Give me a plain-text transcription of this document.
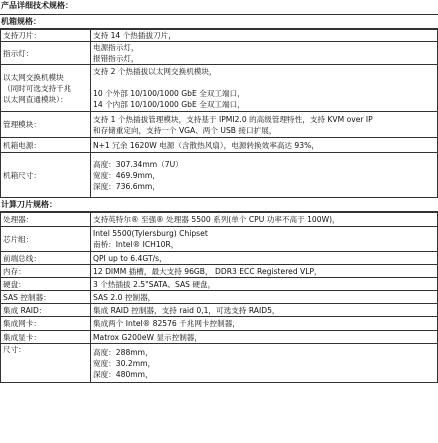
产品详细技术规格：
机箱规格：
支持刀片：	支持 14 个热插拔刀片，
指示灯：	电源指示灯，
报错指示灯，

以太网交换机模块
（同时可选支持千兆
以太网直通模块）：	支持 2 个热插拔以太网交换机模块，
10 个外部 10/100/1000 GbE 全双工端口，
14 个内部 10/100/1000 GbE 全双工端口，

管理模块：	支持 1 个热插拔管理模块，支持基于 IPMI2.0 的高级管理特性，支持 KVM over IP
和存储重定向，支持一个 VGA、两个 USB 接口扩展，

机箱电源：	N+1 冗余 1620W 电源（含散热风扇），电源转换效率高达 93%，
机箱尺寸：	高度：307.34mm（7U）
宽度：469.9mm，
深度：736.6mm，
计算刀片规格：
处理器：	支持英特尔® 至强® 处理器 5500 系列(单个 CPU 功率不高于 100W)，
芯片组：	Intel 5500(Tylersburg) Chipset
南桥：Intel® ICH10R，

前端总线：	QPI up to 6.4GT/s，
内存：	12 DIMM 插槽，最大支持 96GB， DDR3 ECC Registered VLP，
硬盘：	3 个热插拔 2.5"SATA、SAS 硬盘，
SAS 控制器：	SAS 2.0 控制器，
集成 RAID：	集成 RAID 控制器，支持 raid 0,1，可选支持 RAID5，
集成网卡：	集成两个 Intel® 82576 千兆网卡控制器，
集成显卡：	Matrox G200eW 显示控制器，
尺寸：	高度：288mm，
宽度：30.2mm，
深度：480mm，
